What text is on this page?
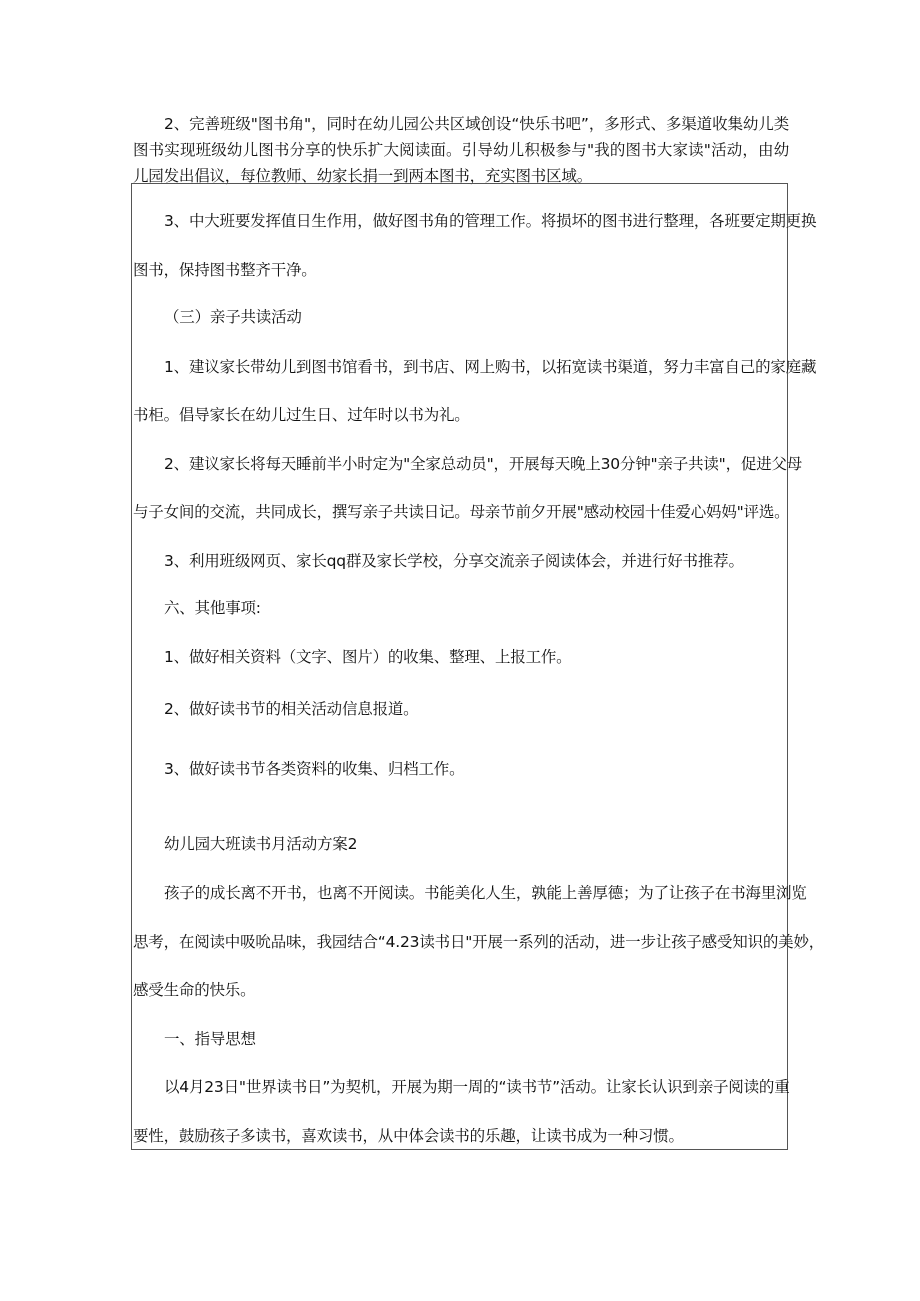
2、完善班级"图书角"，同时在幼儿园公共区域创设“快乐书吧”，多形式、多渠道收集幼儿类图书实现班级幼儿图书分享的快乐扩大阅读面。引导幼儿积极参与"我的图书大家读"活动，由幼儿园发出倡议，每位教师、幼家长捐一到两本图书，充实图书区域。
3、中大班要发挥值日生作用，做好图书角的管理工作。将损坏的图书进行整理，各班要定期更换
图书，保持图书整齐干净。
（三）亲子共读活动
1、建议家长带幼儿到图书馆看书，到书店、网上购书，以拓宽读书渠道，努力丰富自己的家庭藏
书柜。倡导家长在幼儿过生日、过年时以书为礼。
2、建议家长将每天睡前半小时定为"全家总动员"，开展每天晚上30分钟"亲子共读"，促进父母
与子女间的交流，共同成长，撰写亲子共读日记。母亲节前夕开展"感动校园十佳爱心妈妈"评选。
3、利用班级网页、家长qq群及家长学校，分享交流亲子阅读体会，并进行好书推荐。
六、其他事项:
1、做好相关资料（文字、图片）的收集、整理、上报工作。
2、做好读书节的相关活动信息报道。
3、做好读书节各类资料的收集、归档工作。
幼儿园大班读书月活动方案2
孩子的成长离不开书，也离不开阅读。书能美化人生，孰能上善厚德；为了让孩子在书海里浏览
思考，在阅读中吸吮品味，我园结合“4.23读书日"开展一系列的活动，进一步让孩子感受知识的美妙，
感受生命的快乐。
一、指导思想
以4月23日"世界读书日”为契机，开展为期一周的“读书节”活动。让家长认识到亲子阅读的重
要性，鼓励孩子多读书，喜欢读书，从中体会读书的乐趣，让读书成为一种习惯。
